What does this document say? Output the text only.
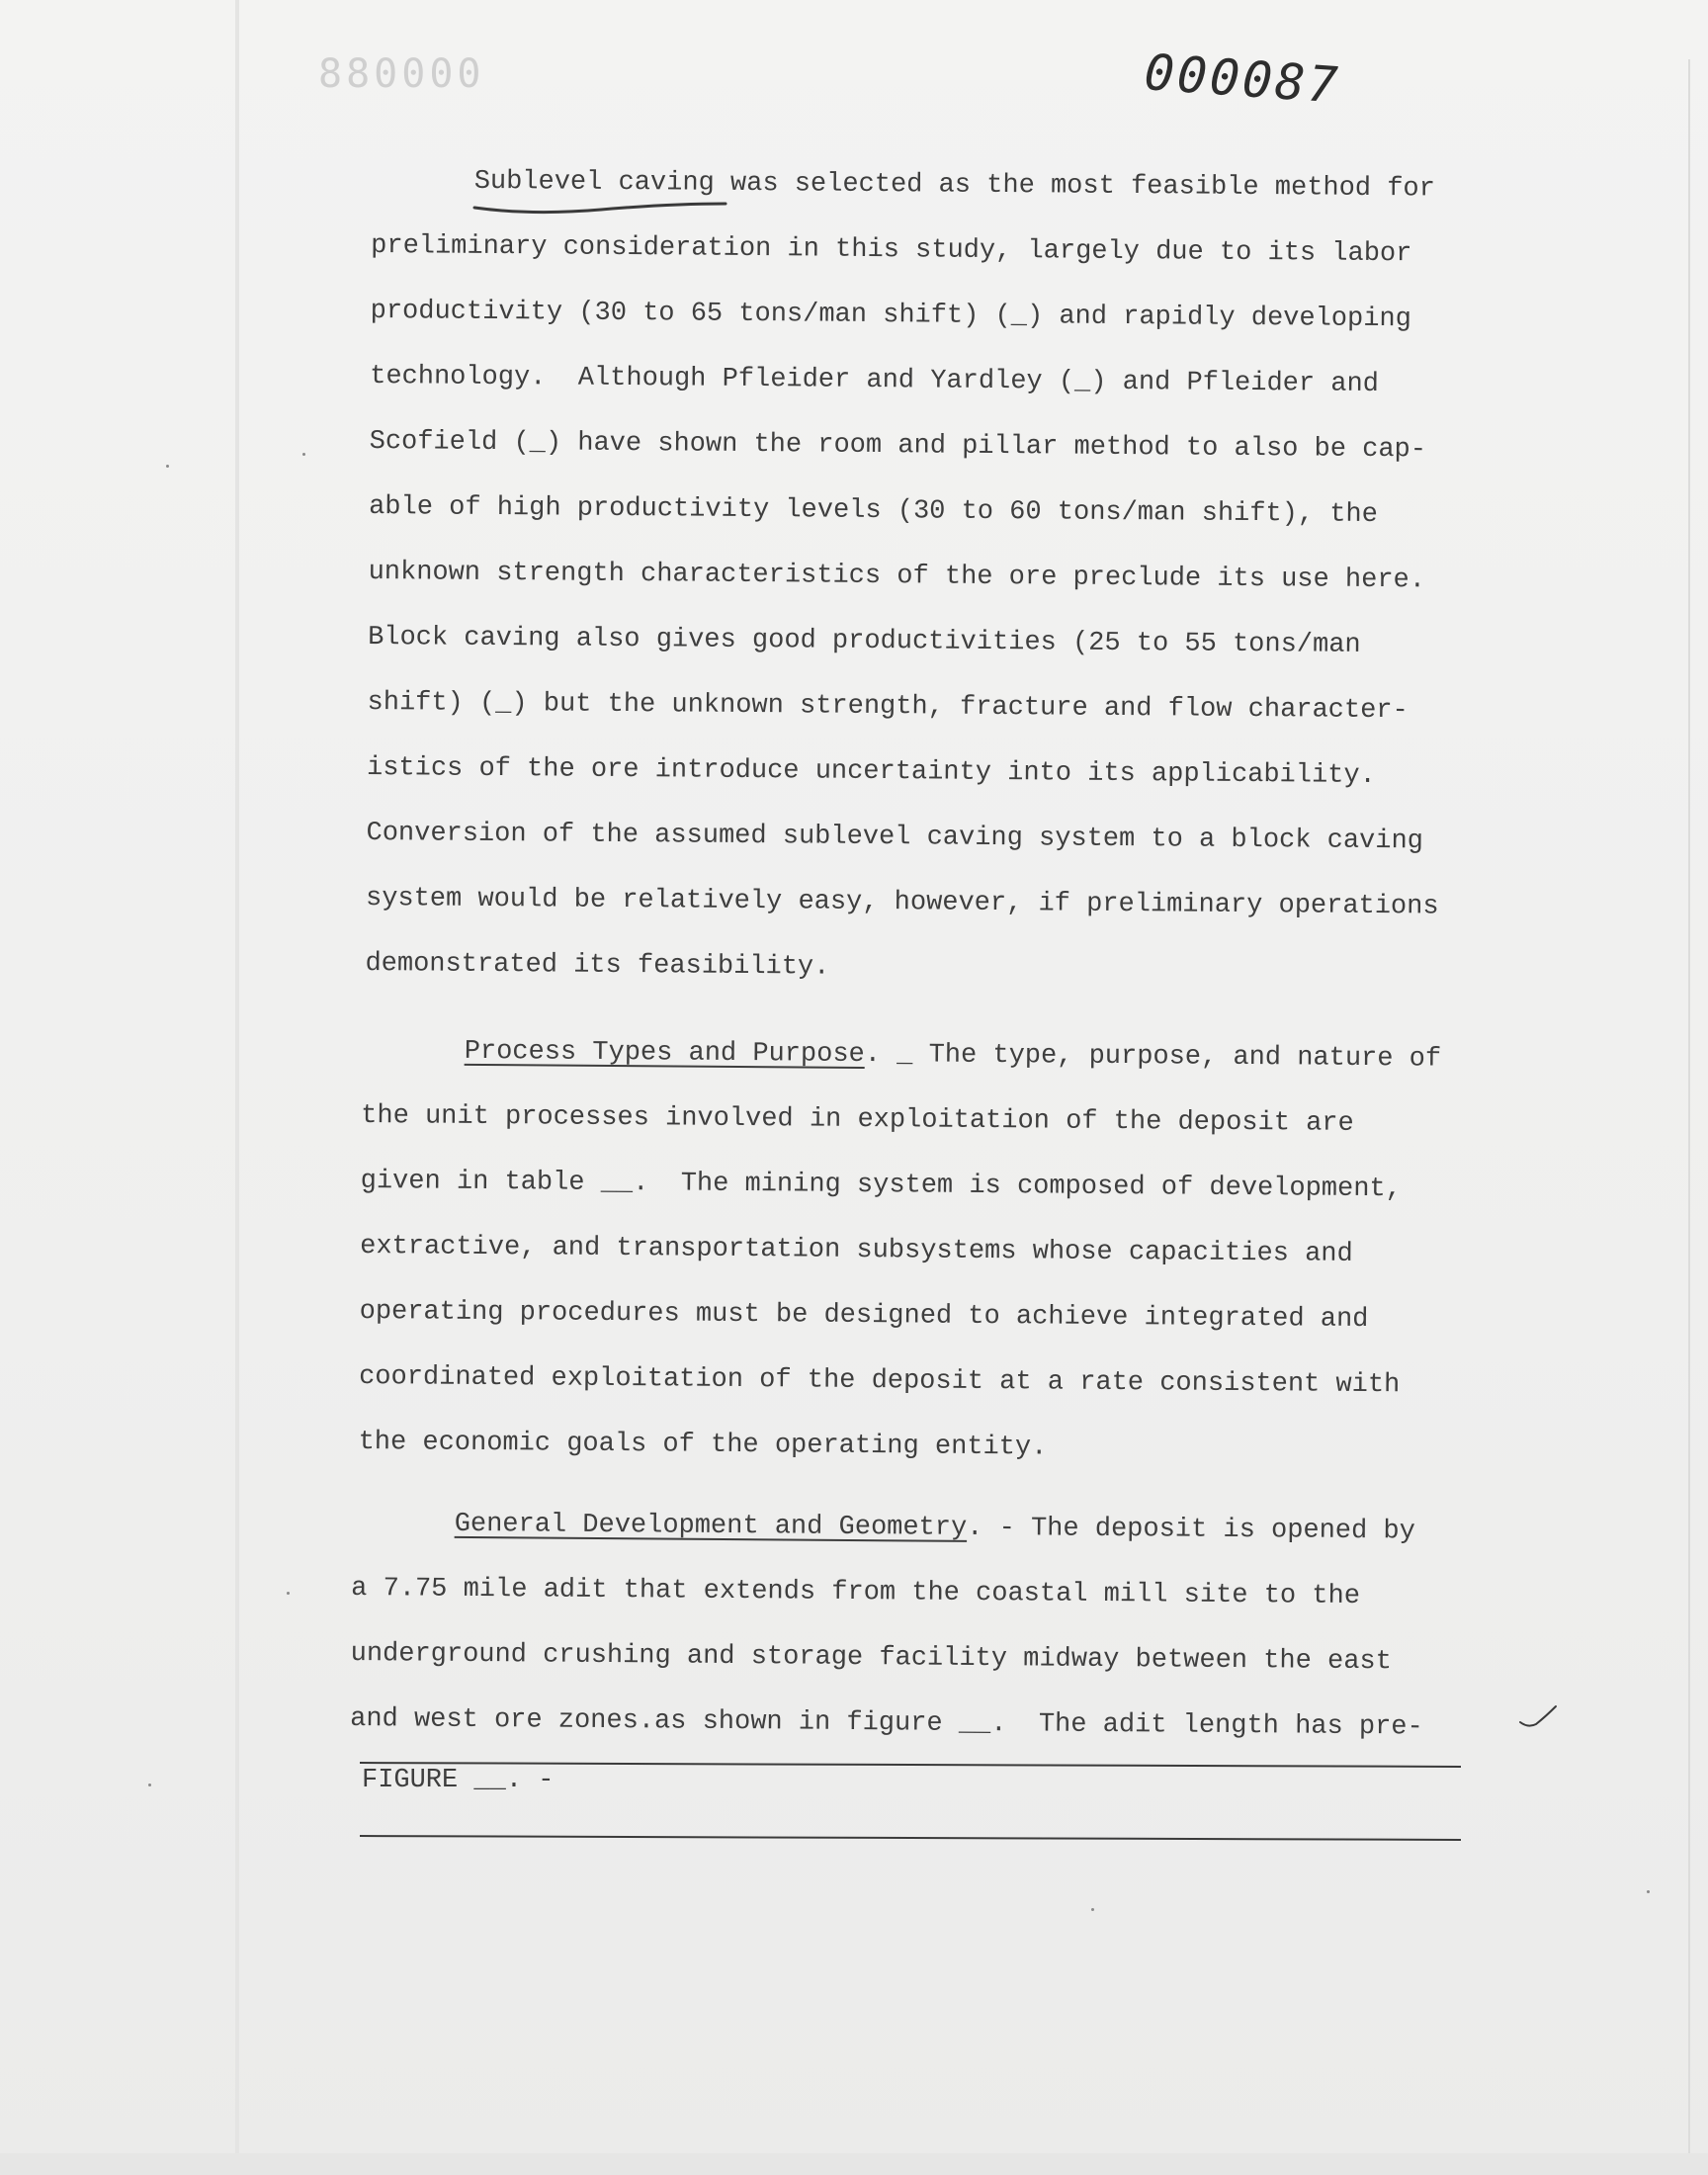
880000	000087
Sublevel caving was selected as the most feasible method for
preliminary consideration in this study, largely due to its labor
productivity (30 to 65 tons/man shift) (_) and rapidly developing
technology.  Although Pfleider and Yardley (_) and Pfleider and
Scofield (_) have shown the room and pillar method to also be cap-
able of high productivity levels (30 to 60 tons/man shift), the
unknown strength characteristics of the ore preclude its use here.
Block caving also gives good productivities (25 to 55 tons/man
shift) (_) but the unknown strength, fracture and flow character-
istics of the ore introduce uncertainty into its applicability.
Conversion of the assumed sublevel caving system to a block caving
system would be relatively easy, however, if preliminary operations
demonstrated its feasibility.
Process Types and Purpose. _ The type, purpose, and nature of
the unit processes involved in exploitation of the deposit are
given in table __.  The mining system is composed of development,
extractive, and transportation subsystems whose capacities and
operating procedures must be designed to achieve integrated and
coordinated exploitation of the deposit at a rate consistent with
the economic goals of the operating entity.
General Development and Geometry. - The deposit is opened by
a 7.75 mile adit that extends from the coastal mill site to the
underground crushing and storage facility midway between the east
and west ore zones.as shown in figure __.  The adit length has pre-
FIGURE __. -
